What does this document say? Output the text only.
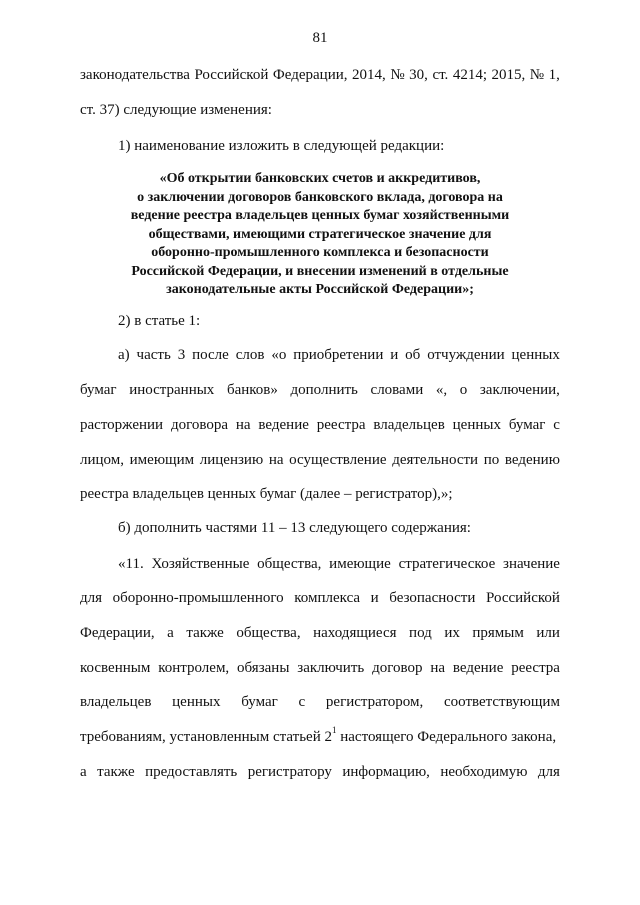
81
законодательства Российской Федерации, 2014, № 30, ст. 4214; 2015, № 1,
ст. 37) следующие изменения:
1) наименование изложить в следующей редакции:
«Об открытии банковских счетов и аккредитивов,
о заключении договоров банковского вклада, договора на
ведение реестра владельцев ценных бумаг хозяйственными
обществами, имеющими стратегическое значение для
оборонно-промышленного комплекса и безопасности
Российской Федерации, и внесении изменений в отдельные
законодательные акты Российской Федерации»;
2) в статье 1:
а) часть 3 после слов «о приобретении и об отчуждении ценных
бумаг иностранных банков» дополнить словами «, о заключении,
расторжении договора на ведение реестра владельцев ценных бумаг с
лицом, имеющим лицензию на осуществление деятельности по ведению
реестра владельцев ценных бумаг (далее – регистратор),»;
б) дополнить частями 11 – 13 следующего содержания:
«11. Хозяйственные общества, имеющие стратегическое значение
для оборонно-промышленного комплекса и безопасности Российской
Федерации, а также общества, находящиеся под их прямым или
косвенным контролем, обязаны заключить договор на ведение реестра
владельцев ценных бумаг с регистратором, соответствующим
требованиям, установленным статьей $2^1$ настоящего Федерального закона,
а также предоставлять регистратору информацию, необходимую для
